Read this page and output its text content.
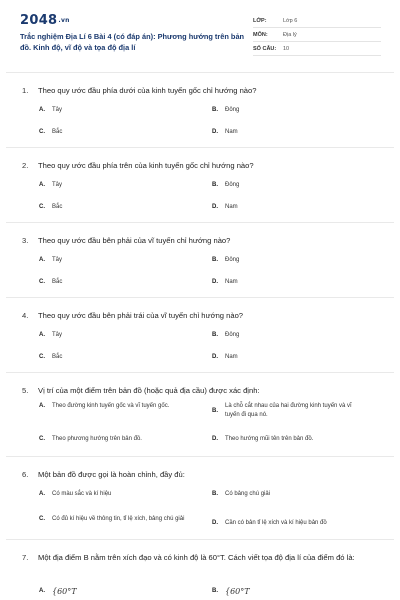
2048.vn
Trắc nghiệm Địa Lí 6 Bài 4 (có đáp án): Phương hướng trên bản đồ. Kinh độ, vĩ độ và tọa độ địa lí
LỚP:	Lớp 6
MÔN:	Địa lý
SỐ CÂU:	10
1.	Theo quy ước đầu phía dưới của kinh tuyến gốc chỉ hướng nào?
A.	Tây	B.	Đông
C.	Bắc	D.	Nam
2.	Theo quy ước đầu phía trên của kinh tuyến gốc chỉ hướng nào?
A.	Tây	B.	Đông
C.	Bắc	D.	Nam
3.	Theo quy ước đầu bên phải của vĩ tuyến chỉ hướng nào?
A.	Tây	B.	Đông
C.	Bắc	D.	Nam
4.	Theo quy ước đầu bên phải trái của vĩ tuyến chỉ hướng nào?
A.	Tây	B.	Đông
C.	Bắc	D.	Nam
5.	Vị trí của một điểm trên bản đồ (hoặc quả địa cầu) được xác định:
A.	Theo đường kinh tuyến gốc và vĩ tuyến gốc.
B.
Là chỗ cắt nhau của hai đường kinh tuyến và vĩ tuyến đi qua nó.
C.	Theo phương hướng trên bản đồ.	D.	Theo hướng mũi tên trên bản đồ.
6.	Một bản đồ được gọi là hoàn chỉnh, đầy đủ:
A.	Có màu sắc và kí hiệu	B.	Có bảng chú giải
C.	Có đủ kí hiệu về thông tin, tỉ lệ xích, bảng chú giải
D.	Cần có bản tỉ lệ xích và kí hiệu bản đồ
7.	Một địa điểm B nằm trên xích đạo và có kinh độ là 60°T. Cách viết tọa độ địa lí của điểm đó là:
A. {60°T	B. {60°T
